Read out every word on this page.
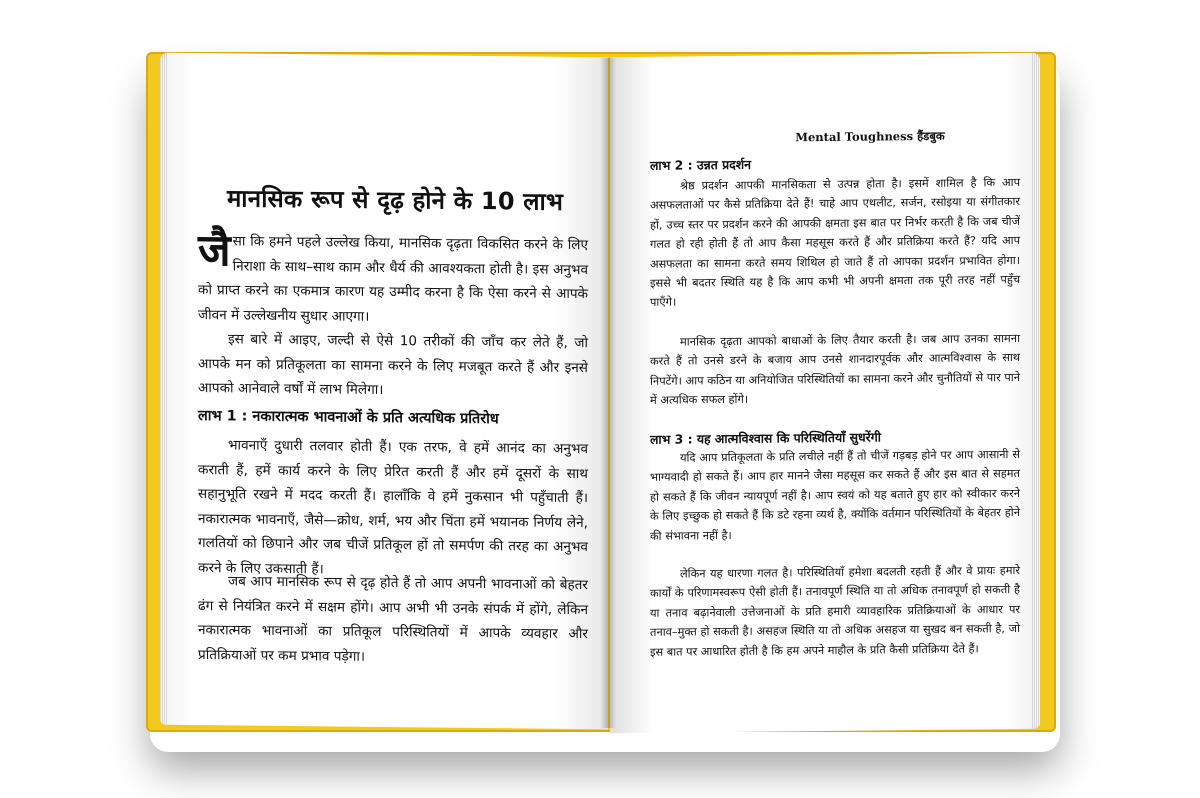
मानसिक रूप से दृढ़ होने के 10 लाभ

जैसा कि हमने पहले उल्लेख किया, मानसिक दृढ़ता विकसित करने के लिए निराशा के साथ–साथ काम और धैर्य की आवश्यकता होती है। इस अनुभव को प्राप्त करने का एकमात्र कारण यह उम्मीद करना है कि ऐसा करने से आपके जीवन में उल्लेखनीय सुधार आएगा।

इस बारे में आइए, जल्दी से ऐसे 10 तरीकों की जाँच कर लेते हैं, जो आपके मन को प्रतिकूलता का सामना करने के लिए मजबूत करते हैं और इनसे आपको आनेवाले वर्षों में लाभ मिलेगा।

लाभ 1 : नकारात्मक भावनाओं के प्रति अत्यधिक प्रतिरोध

भावनाएँ दुधारी तलवार होती हैं। एक तरफ, वे हमें आनंद का अनुभव कराती हैं, हमें कार्य करने के लिए प्रेरित करती हैं और हमें दूसरों के साथ सहानुभूति रखने में मदद करती हैं। हालाँकि वे हमें नुकसान भी पहुँचाती हैं। नकारात्मक भावनाएँ, जैसे—क्रोध, शर्म, भय और चिंता हमें भयानक निर्णय लेने, गलतियों को छिपाने और जब चीजें प्रतिकूल हों तो समर्पण की तरह का अनुभव करने के लिए उकसाती हैं।

जब आप मानसिक रूप से दृढ़ होते हैं तो आप अपनी भावनाओं को बेहतर ढंग से नियंत्रित करने में सक्षम होंगे। आप अभी भी उनके संपर्क में होंगे, लेकिन नकारात्मक भावनाओं का प्रतिकूल परिस्थितियों में आपके व्यवहार और प्रतिक्रियाओं पर कम प्रभाव पड़ेगा।

Mental Toughness हैंडबुक
लाभ 2 : उन्नत प्रदर्शन

श्रेष्ठ प्रदर्शन आपकी मानसिकता से उत्पन्न होता है। इसमें शामिल है कि आप असफलताओं पर कैसे प्रतिक्रिया देते हैं! चाहे आप एथलीट, सर्जन, रसोइया या संगीतकार हों, उच्च स्तर पर प्रदर्शन करने की आपकी क्षमता इस बात पर निर्भर करती है कि जब चीजें गलत हो रही होती हैं तो आप कैसा महसूस करते हैं और प्रतिक्रिया करते हैं? यदि आप असफलता का सामना करते समय शिथिल हो जाते हैं तो आपका प्रदर्शन प्रभावित होगा। इससे भी बदतर स्थिति यह है कि आप कभी भी अपनी क्षमता तक पूरी तरह नहीं पहुँच पाएँगे।

मानसिक दृढ़ता आपको बाधाओं के लिए तैयार करती है। जब आप उनका सामना करते हैं तो उनसे डरने के बजाय आप उनसे शानदारपूर्वक और आत्मविश्वास के साथ निपटेंगे। आप कठिन या अनियोजित परिस्थितियों का सामना करने और चुनौतियों से पार पाने में अत्यधिक सफल होंगे।

लाभ 3 : यह आत्मविश्वास कि परिस्थितियाँ सुधरेंगी

यदि आप प्रतिकूलता के प्रति लचीले नहीं हैं तो चीजें गड़बड़ होने पर आप आसानी से भाग्यवादी हो सकते हैं। आप हार मानने जैसा महसूस कर सकते हैं और इस बात से सहमत हो सकते हैं कि जीवन न्यायपूर्ण नहीं है। आप स्वयं को यह बताते हुए हार को स्वीकार करने के लिए इच्छुक हो सकते हैं कि डटे रहना व्यर्थ है, क्योंकि वर्तमान परिस्थितियों के बेहतर होने की संभावना नहीं है।

लेकिन यह धारणा गलत है। परिस्थितियाँ हमेशा बदलती रहती हैं और वे प्रायः हमारे कार्यों के परिणामस्वरूप ऐसी होती हैं। तनावपूर्ण स्थिति या तो अधिक तनावपूर्ण हो सकती है या तनाव बढ़ानेवाली उत्तेजनाओं के प्रति हमारी व्यावहारिक प्रतिक्रियाओं के आधार पर तनाव–मुक्त हो सकती है। असहज स्थिति या तो अधिक असहज या सुखद बन सकती है, जो इस बात पर आधारित होती है कि हम अपने माहौल के प्रति कैसी प्रतिक्रिया देते हैं।
